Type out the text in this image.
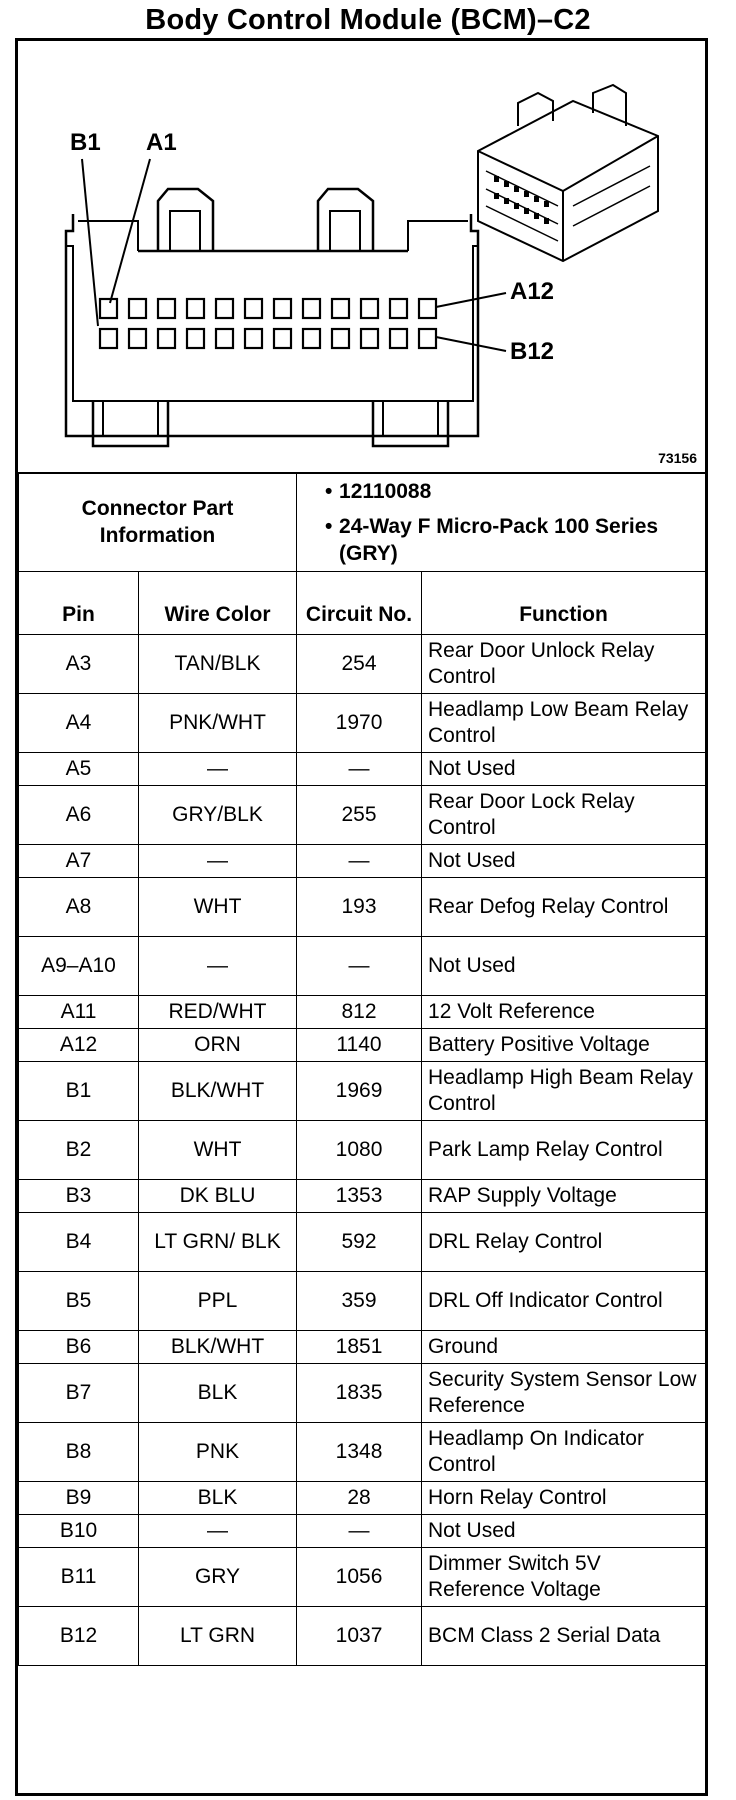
Body Control Module (BCM)–C2
B1 A1
A12
B12
73156
Connector Part Information		• 12110088
• 24-Way F Micro-Pack 100 Series (GRY)	

Pin	Wire Color	Circuit No.	Function
A3	TAN/BLK	254	Rear Door Unlock Relay Control
A4	PNK/WHT	1970	Headlamp Low Beam Relay Control
A5	—	—	Not Used
A6	GRY/BLK	255	Rear Door Lock Relay Control
A7	—	—	Not Used
A8	WHT	193	Rear Defog Relay Control
A9–A10	—	—	Not Used
A11	RED/WHT	812	12 Volt Reference
A12	ORN	1140	Battery Positive Voltage
B1	BLK/WHT	1969	Headlamp High Beam Relay Control
B2	WHT	1080	Park Lamp Relay Control
B3	DK BLU	1353	RAP Supply Voltage
B4	LT GRN/ BLK	592	DRL Relay Control
B5	PPL	359	DRL Off Indicator Control
B6	BLK/WHT	1851	Ground
B7	BLK	1835	Security System Sensor Low Reference
B8	PNK	1348	Headlamp On Indicator Control
B9	BLK	28	Horn Relay Control
B10	—	—	Not Used
B11	GRY	1056	Dimmer Switch 5V Reference Voltage
B12	LT GRN	1037	BCM Class 2 Serial Data
